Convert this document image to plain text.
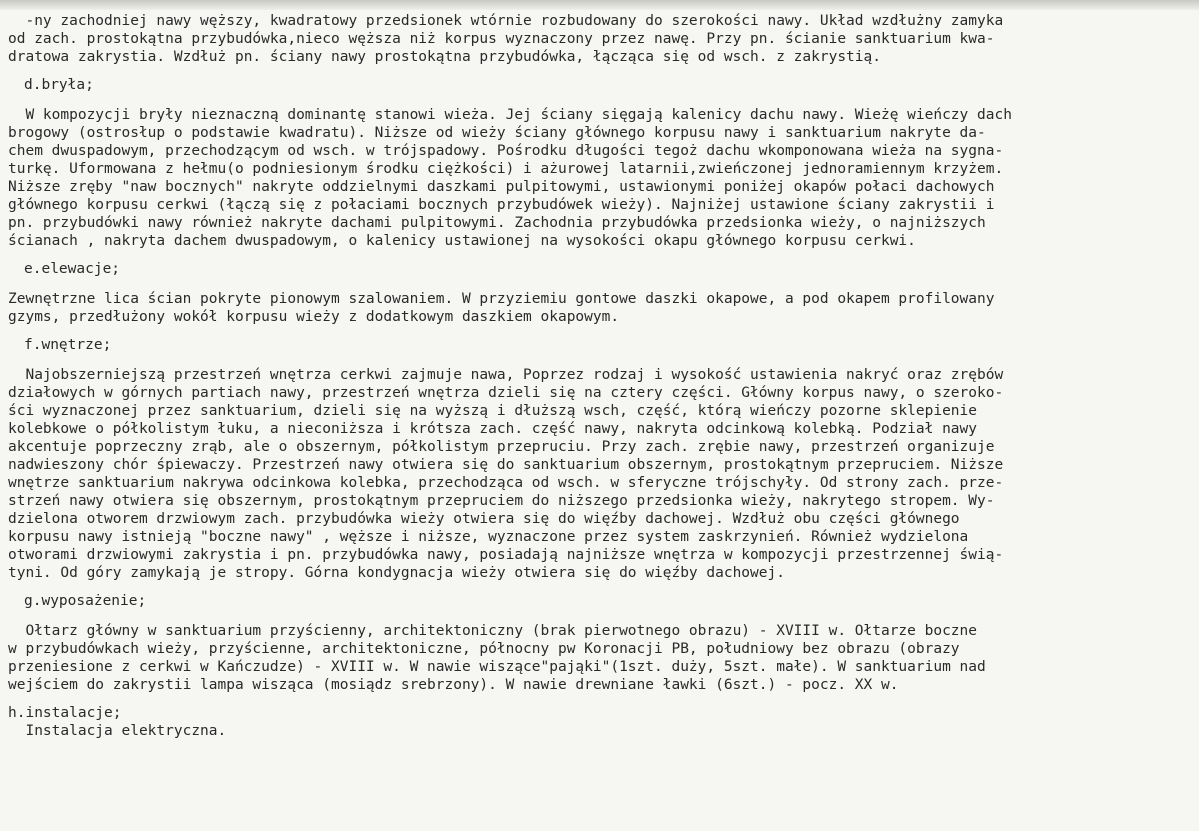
-ny zachodniej nawy węższy, kwadratowy przedsionek wtórnie rozbudowany do szerokości nawy. Układ wzdłużny zamyka

od zach. prostokątna przybudówka,nieco węższa niż korpus wyznaczony przez nawę. Przy pn. ścianie sanktuarium kwa-

dratowa zakrystia. Wzdłuż pn. ściany nawy prostokątna przybudówka, łącząca się od wsch. z zakrystią.

d.bryła;

W kompozycji bryły nieznaczną dominantę stanowi wieża. Jej ściany sięgają kalenicy dachu nawy. Wieżę wieńczy dach

brogowy (ostrosłup o podstawie kwadratu). Niższe od wieży ściany głównego korpusu nawy i sanktuarium nakryte da-

chem dwuspadowym, przechodzącym od wsch. w trójspadowy. Pośrodku długości tegoż dachu wkomponowana wieża na sygna-

turkę. Uformowana z hełmu(o podniesionym środku ciężkości) i ażurowej latarnii,zwieńczonej jednoramiennym krzyżem.

Niższe zręby "naw bocznych" nakryte oddzielnymi daszkami pulpitowymi, ustawionymi poniżej okapów połaci dachowych

głównego korpusu cerkwi (łączą się z połaciami bocznych przybudówek wieży). Najniżej ustawione ściany zakrystii i

pn. przybudówki nawy również nakryte dachami pulpitowymi. Zachodnia przybudówka przedsionka wieży, o najniższych

ścianach , nakryta dachem dwuspadowym, o kalenicy ustawionej na wysokości okapu głównego korpusu cerkwi.

e.elewacje;

Zewnętrzne lica ścian pokryte pionowym szalowaniem. W przyziemiu gontowe daszki okapowe, a pod okapem profilowany

gzyms, przedłużony wokół korpusu wieży z dodatkowym daszkiem okapowym.

f.wnętrze;

Najobszerniejszą przestrzeń wnętrza cerkwi zajmuje nawa, Poprzez rodzaj i wysokość ustawienia nakryć oraz zrębów

działowych w górnych partiach nawy, przestrzeń wnętrza dzieli się na cztery części. Główny korpus nawy, o szeroko-

ści wyznaczonej przez sanktuarium, dzieli się na wyższą i dłuższą wsch, część, którą wieńczy pozorne sklepienie

kolebkowe o półkolistym łuku, a nieconiższa i krótsza zach. część nawy, nakryta odcinkową kolebką. Podział nawy

akcentuje poprzeczny zrąb, ale o obszernym, półkolistym przepruciu. Przy zach. zrębie nawy, przestrzeń organizuje

nadwieszony chór śpiewaczy. Przestrzeń nawy otwiera się do sanktuarium obszernym, prostokątnym przepruciem. Niższe

wnętrze sanktuarium nakrywa odcinkowa kolebka, przechodząca od wsch. w sferyczne trójschyły. Od strony zach. prze-

strzeń nawy otwiera się obszernym, prostokątnym przepruciem do niższego przedsionka wieży, nakrytego stropem. Wy-

dzielona otworem drzwiowym zach. przybudówka wieży otwiera się do więźby dachowej. Wzdłuż obu części głównego

korpusu nawy istnieją "boczne nawy" , węższe i niższe, wyznaczone przez system zaskrzynień. Również wydzielona

otworami drzwiowymi zakrystia i pn. przybudówka nawy, posiadają najniższe wnętrza w kompozycji przestrzennej świą-

tyni. Od góry zamykają je stropy. Górna kondygnacja wieży otwiera się do więźby dachowej.

g.wyposażenie;

Ołtarz główny w sanktuarium przyścienny, architektoniczny (brak pierwotnego obrazu) - XVIII w. Ołtarze boczne

w przybudówkach wieży, przyścienne, architektoniczne, północny pw Koronacji PB, południowy bez obrazu (obrazy

przeniesione z cerkwi w Kańczudze) - XVIII w. W nawie wiszące"pająki"(1szt. duży, 5szt. małe). W sanktuarium nad

wejściem do zakrystii lampa wisząca (mosiądz srebrzony). W nawie drewniane ławki (6szt.) - pocz. XX w.

h.instalacje;

Instalacja elektryczna.
